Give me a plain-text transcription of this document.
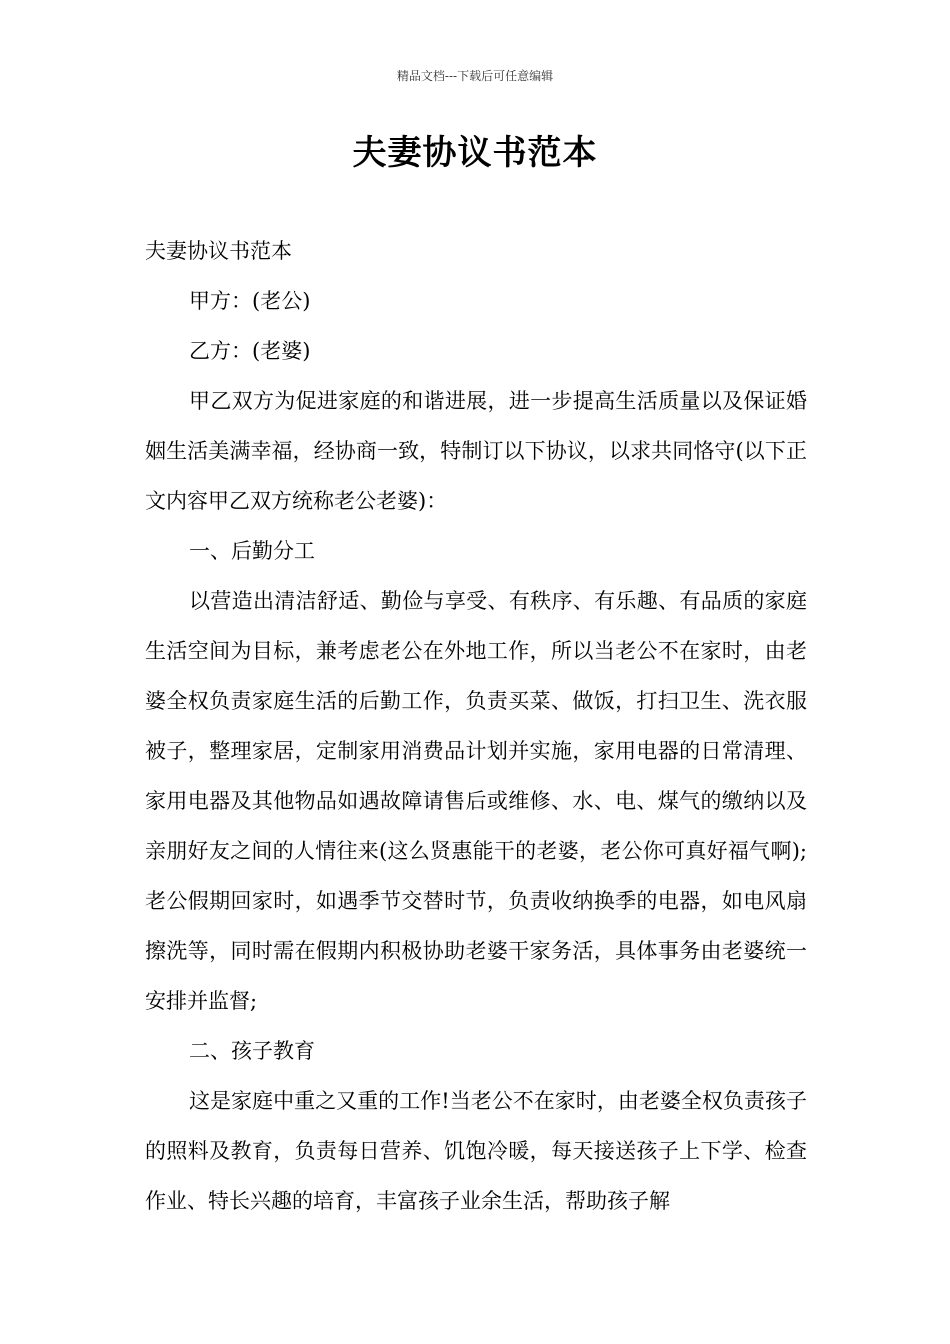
精品文档---下载后可任意编辑
夫妻协议书范本

夫妻协议书范本

甲方：(老公)

乙方：(老婆)

甲乙双方为促进家庭的和谐进展，进一步提高生活质量以及保证婚姻生活美满幸福，经协商一致，特制订以下协议，以求共同恪守(以下正文内容甲乙双方统称老公老婆)：

一、后勤分工

以营造出清洁舒适、勤俭与享受、有秩序、有乐趣、有品质的家庭生活空间为目标，兼考虑老公在外地工作，所以当老公不在家时，由老婆全权负责家庭生活的后勤工作，负责买菜、做饭，打扫卫生、洗衣服被子，整理家居，定制家用消费品计划并实施，家用电器的日常清理、家用电器及其他物品如遇故障请售后或维修、水、电、煤气的缴纳以及亲朋好友之间的人情往来(这么贤惠能干的老婆，老公你可真好福气啊);老公假期回家时，如遇季节交替时节，负责收纳换季的电器，如电风扇擦洗等，同时需在假期内积极协助老婆干家务活，具体事务由老婆统一安排并监督;

二、孩子教育

这是家庭中重之又重的工作!当老公不在家时，由老婆全权负责孩子的照料及教育，负责每日营养、饥饱冷暖，每天接送孩子上下学、检查作业、特长兴趣的培育，丰富孩子业余生活，帮助孩子解
